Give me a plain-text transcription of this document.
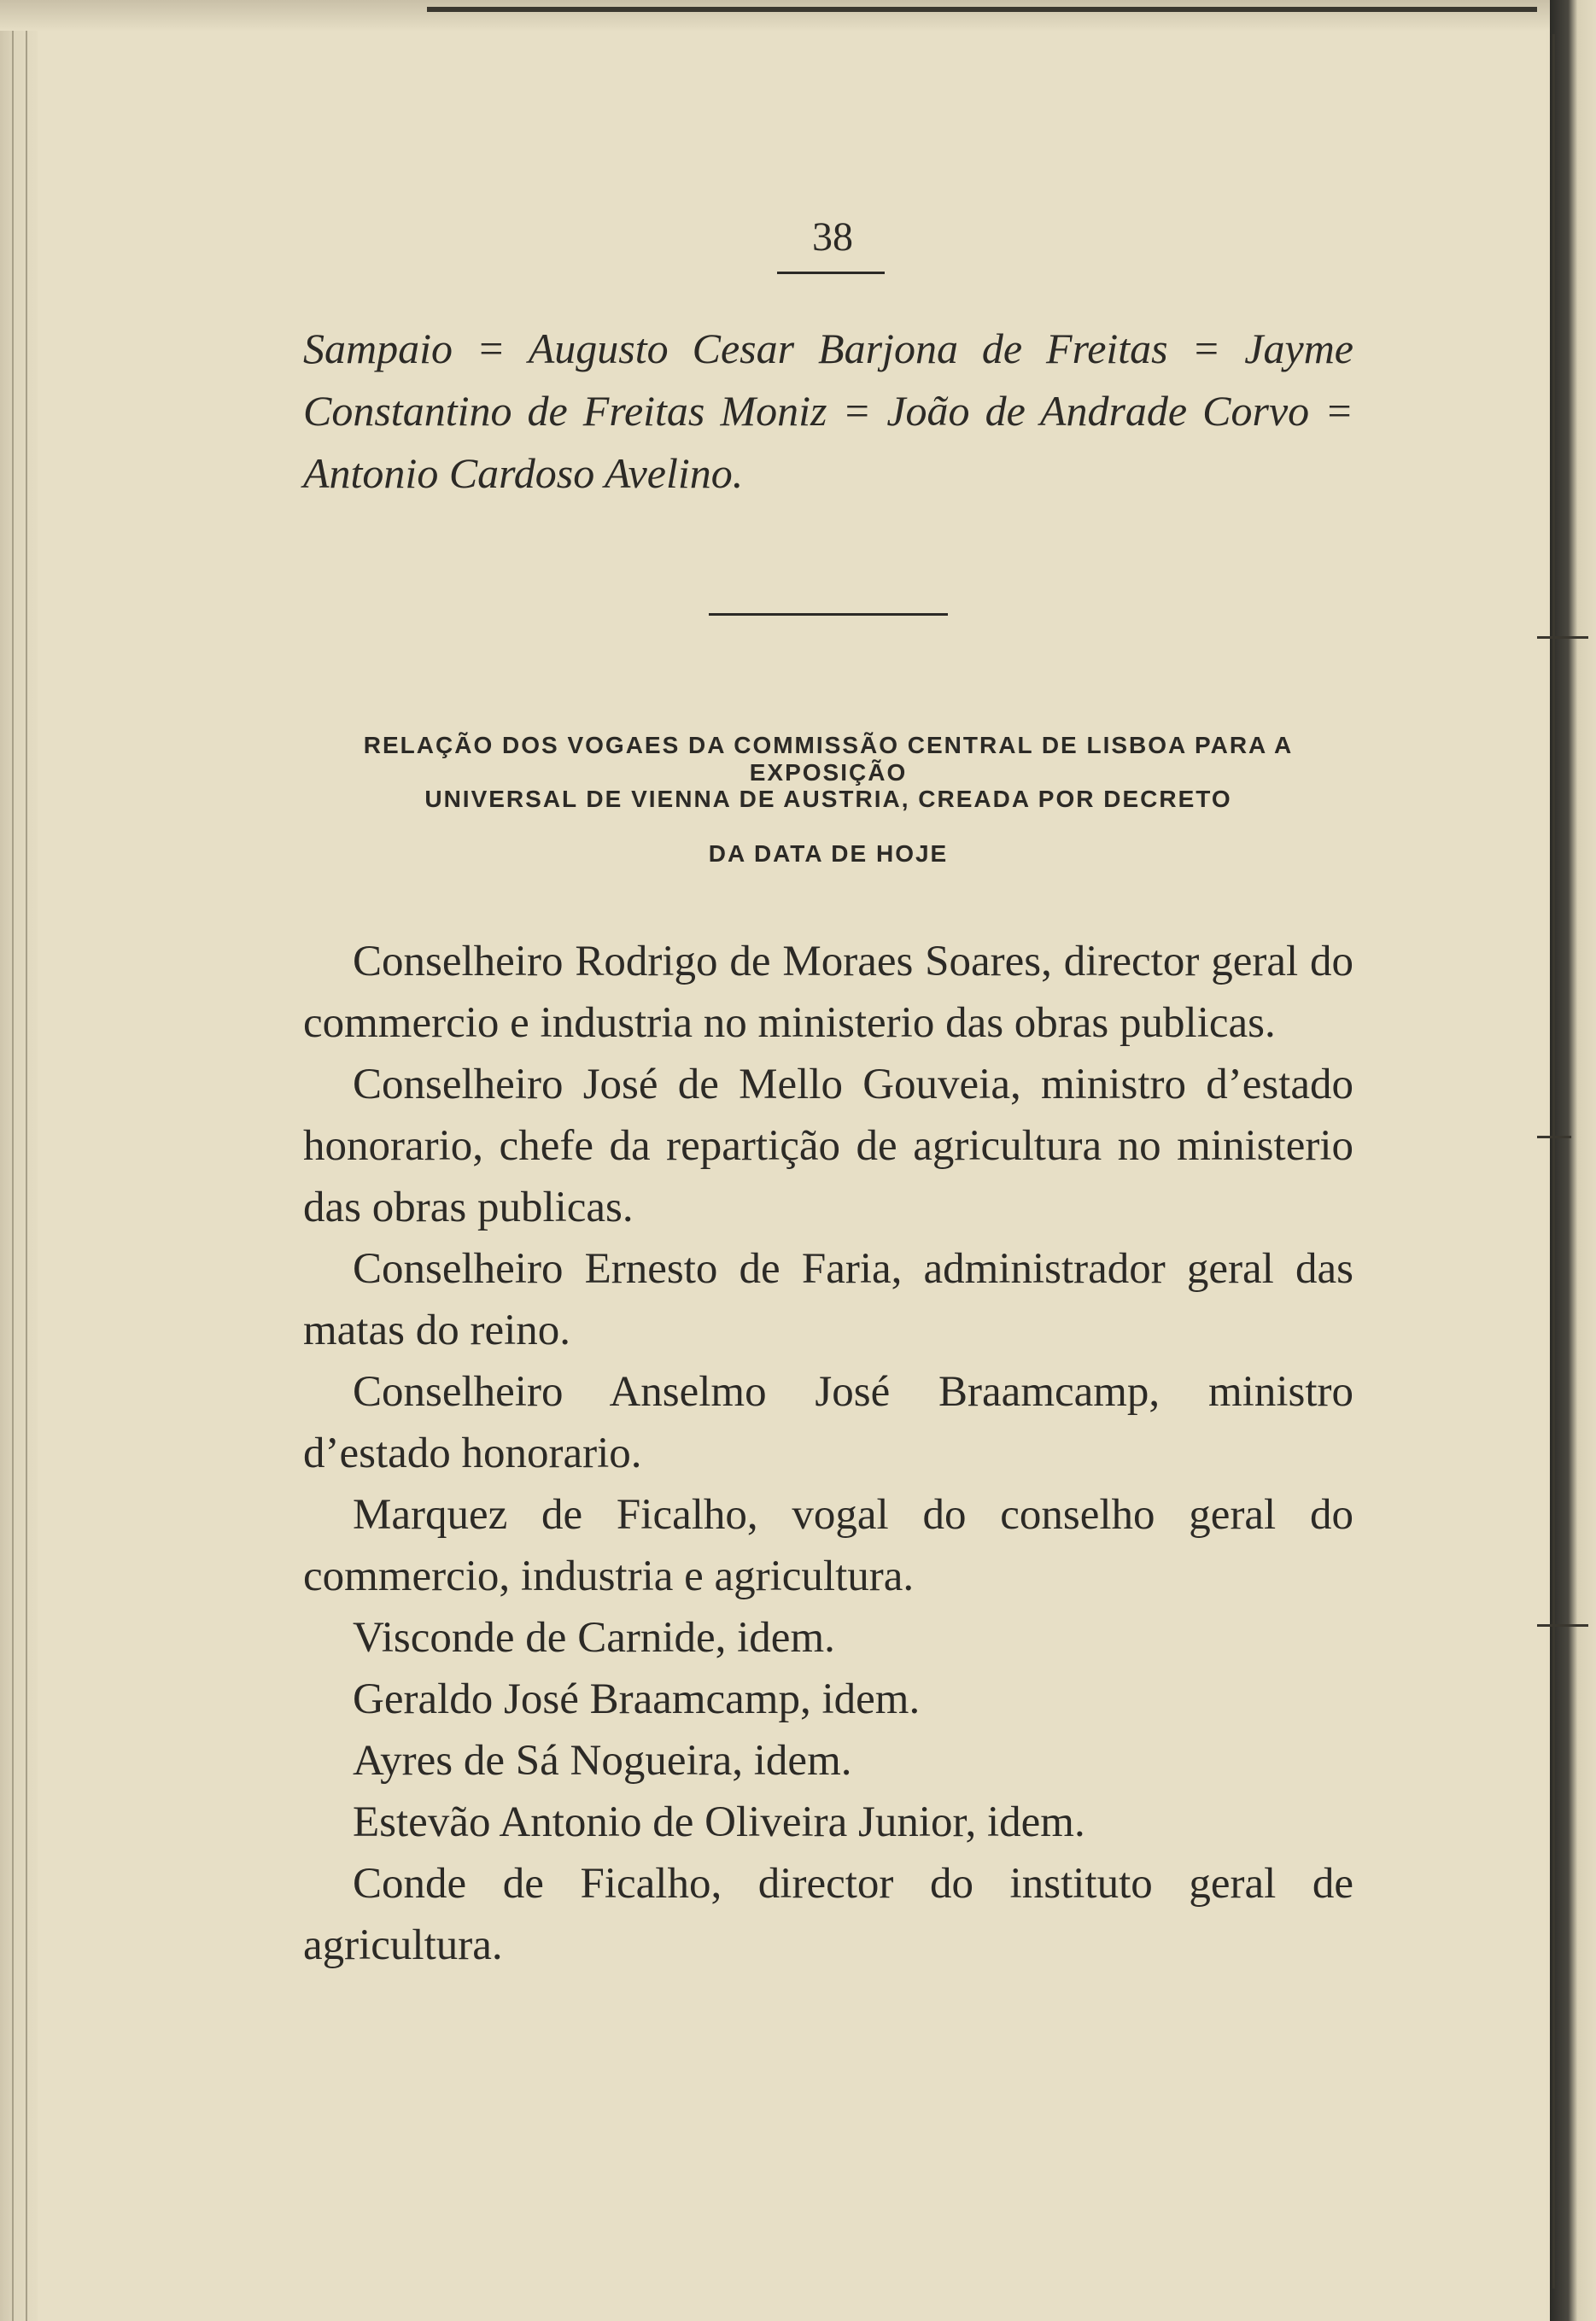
38

Sampaio = Augusto Cesar Barjona de Freitas = Jayme Constantino de Freitas Moniz = João de Andrade Corvo = Antonio Cardoso Avelino.

RELAÇÃO DOS VOGAES DA COMMISSÃO CENTRAL DE LISBOA PARA A EXPOSIÇÃO
UNIVERSAL DE VIENNA DE AUSTRIA, CREADA POR DECRETO
DA DATA DE HOJE

Conselheiro Rodrigo de Moraes Soares, director geral do commercio e industria no ministerio das obras publicas.

Conselheiro José de Mello Gouveia, ministro d’estado honorario, chefe da repartição de agricultura no ministerio das obras publicas.

Conselheiro Ernesto de Faria, administrador geral das matas do reino.

Conselheiro Anselmo José Braamcamp, ministro d’estado honorario.

Marquez de Ficalho, vogal do conselho geral do commercio, industria e agricultura.

Visconde de Carnide, idem.

Geraldo José Braamcamp, idem.

Ayres de Sá Nogueira, idem.

Estevão Antonio de Oliveira Junior, idem.

Conde de Ficalho, director do instituto geral de agricultura.
